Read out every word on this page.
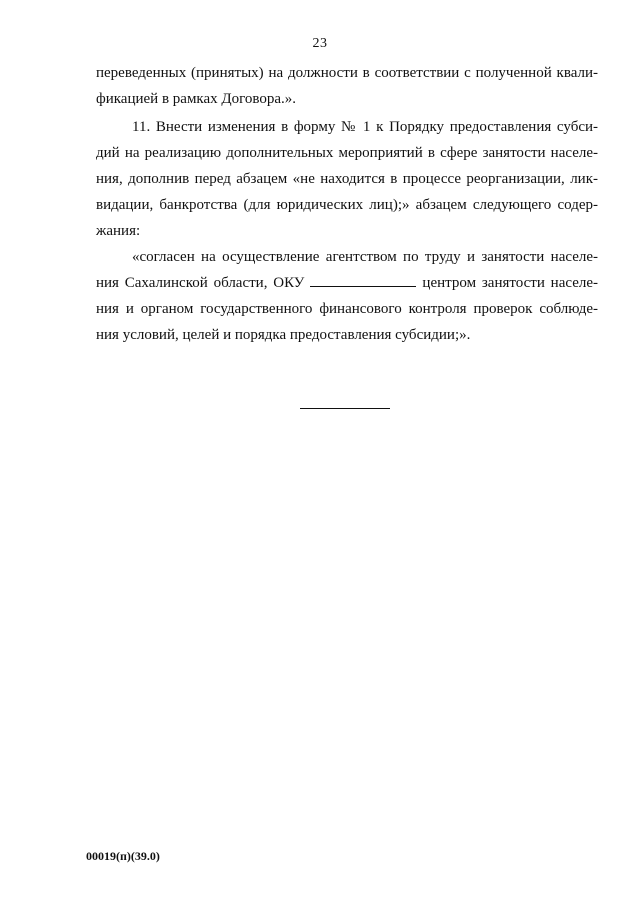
23
переведенных (принятых) на должности в соответствии с полученной квали-
фикацией в рамках Договора.».
11. Внести изменения в форму № 1 к Порядку предоставления субси-
дий на реализацию дополнительных мероприятий в сфере занятости населе-
ния, дополнив перед абзацем «не находится в процессе реорганизации, лик-
видации, банкротства (для юридических лиц);» абзацем следующего содер-
жания:
«согласен на осуществление агентством по труду и занятости населе-
ния Сахалинской области, ОКУ	центром занятости населе-
ния и органом государственного финансового контроля проверок соблюде-
ния условий, целей и порядка предоставления субсидии;».
00019(п)(39.0)
